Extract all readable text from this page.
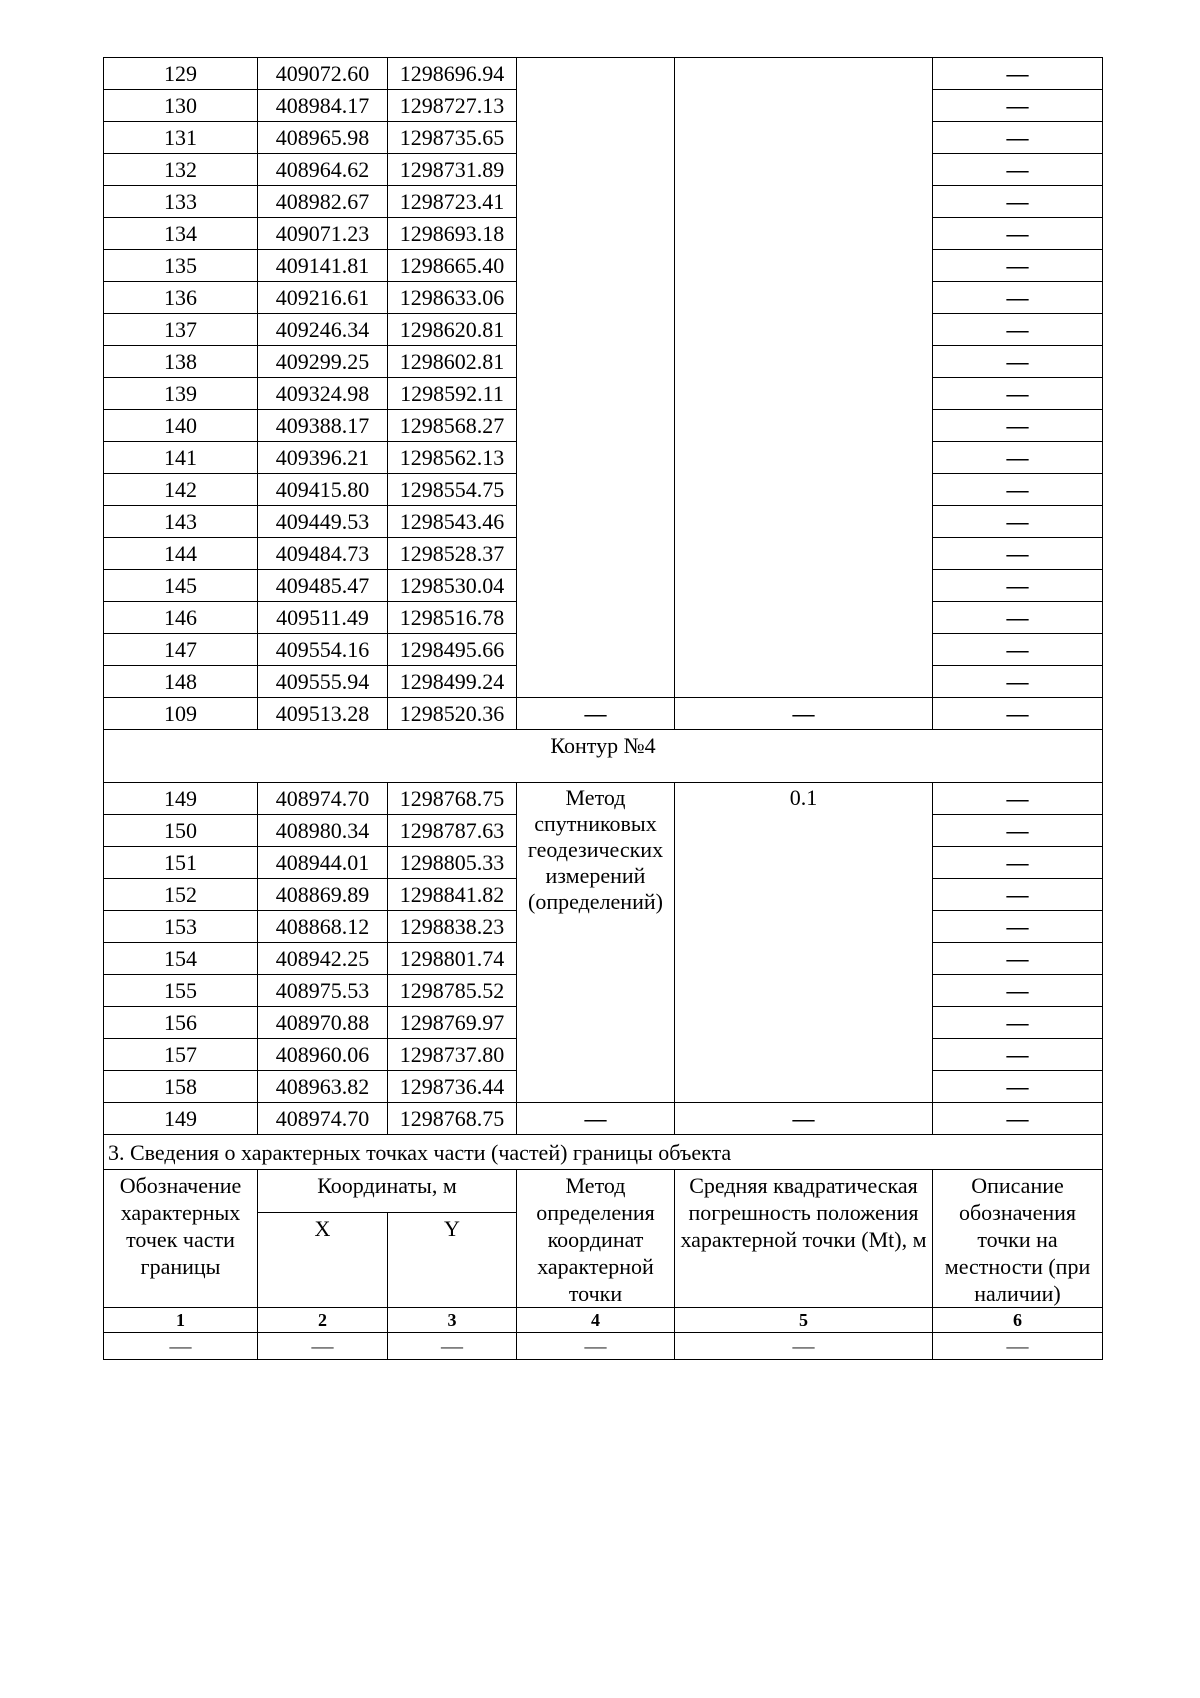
129	409072.60	1298696.94			—
130	408984.17	1298727.13			—
131	408965.98	1298735.65			—
132	408964.62	1298731.89			—
133	408982.67	1298723.41			—
134	409071.23	1298693.18			—
135	409141.81	1298665.40			—
136	409216.61	1298633.06			—
137	409246.34	1298620.81			—
138	409299.25	1298602.81			—
139	409324.98	1298592.11			—
140	409388.17	1298568.27			—
141	409396.21	1298562.13			—
142	409415.80	1298554.75			—
143	409449.53	1298543.46			—
144	409484.73	1298528.37			—
145	409485.47	1298530.04			—
146	409511.49	1298516.78			—
147	409554.16	1298495.66			—
148	409555.94	1298499.24			—
109	409513.28	1298520.36	—	—	—
Контур №4					
149	408974.70	1298768.75	Метод спутниковых геодезических измерений (определений)	0.1	—
150	408980.34	1298787.63			—
151	408944.01	1298805.33			—
152	408869.89	1298841.82			—
153	408868.12	1298838.23			—
154	408942.25	1298801.74			—
155	408975.53	1298785.52			—
156	408970.88	1298769.97			—
157	408960.06	1298737.80			—
158	408963.82	1298736.44			—
149	408974.70	1298768.75	—	—	—
3. Сведения о характерных точках части (частей) границы объекта					
Обозначение характерных точек части границы	Координаты, м		Метод определения координат характерной точки	Средняя квадратическая погрешность положения характерной точки (Mt), м	Описание обозначения точки на местности (при наличии)
	X	Y			
1	2	3	4	5	6
—	—	—	—	—	—
